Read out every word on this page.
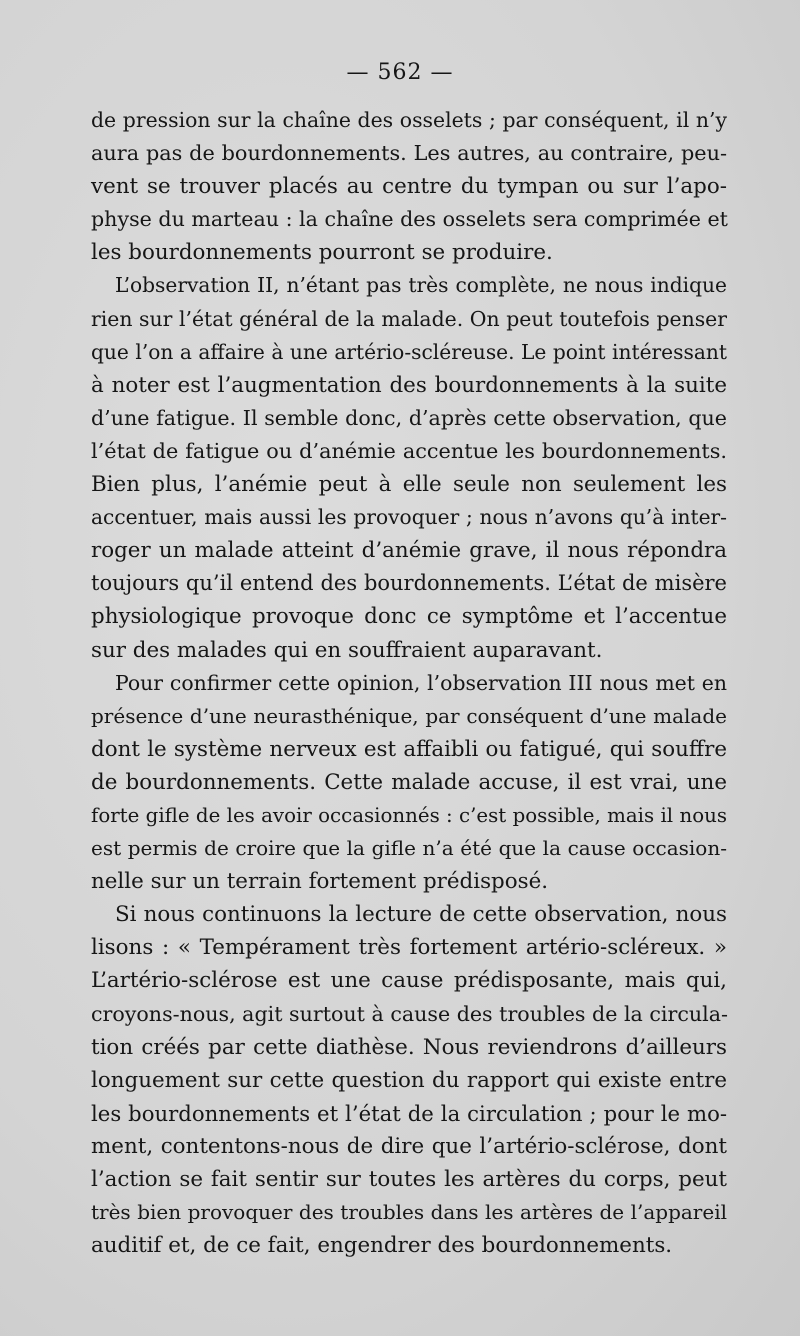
— 562 —
de pression sur la chaîne des osselets ; par conséquent, il n’y
aura pas de bourdonnements. Les autres, au contraire, peu-
vent se trouver placés au centre du tympan ou sur l’apo-
physe du marteau : la chaîne des osselets sera comprimée et
les bourdonnements pourront se produire.
L’observation II, n’étant pas très complète, ne nous indique
rien sur l’état général de la malade. On peut toutefois penser
que l’on a affaire à une artério-scléreuse. Le point intéressant
à noter est l’augmentation des bourdonnements à la suite
d’une fatigue. Il semble donc, d’après cette observation, que
l’état de fatigue ou d’anémie accentue les bourdonnements.
Bien plus, l’anémie peut à elle seule non seulement les
accentuer, mais aussi les provoquer ; nous n’avons qu’à inter-
roger un malade atteint d’anémie grave, il nous répondra
toujours qu’il entend des bourdonnements. L’état de misère
physiologique provoque donc ce symptôme et l’accentue
sur des malades qui en souffraient auparavant.
Pour confirmer cette opinion, l’observation III nous met en
présence d’une neurasthénique, par conséquent d’une malade
dont le système nerveux est affaibli ou fatigué, qui souffre
de bourdonnements. Cette malade accuse, il est vrai, une
forte gifle de les avoir occasionnés : c’est possible, mais il nous
est permis de croire que la gifle n’a été que la cause occasion-
nelle sur un terrain fortement prédisposé.
Si nous continuons la lecture de cette observation, nous
lisons : « Tempérament très fortement artério-scléreux. »
L’artério-sclérose est une cause prédisposante, mais qui,
croyons-nous, agit surtout à cause des troubles de la circula-
tion créés par cette diathèse. Nous reviendrons d’ailleurs
longuement sur cette question du rapport qui existe entre
les bourdonnements et l’état de la circulation ; pour le mo-
ment, contentons-nous de dire que l’artério-sclérose, dont
l’action se fait sentir sur toutes les artères du corps, peut
très bien provoquer des troubles dans les artères de l’appareil
auditif et, de ce fait, engendrer des bourdonnements.
